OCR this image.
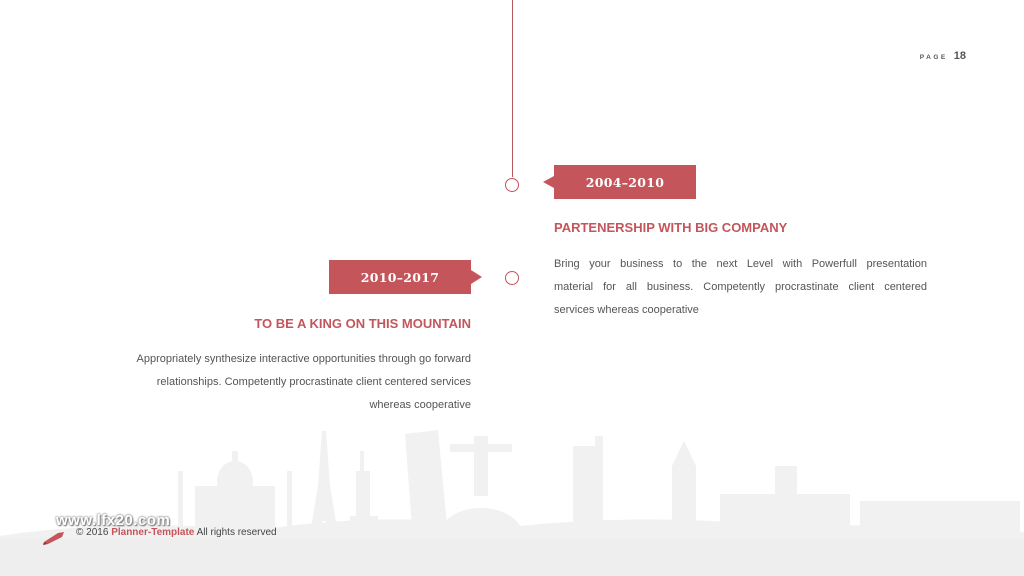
PAGE 18
2004–2010
PARTENERSHIP WITH BIG COMPANY
Bring your business to the next Level with Powerfull presentation
material for all business. Competently procrastinate client centered
services whereas cooperative
2010–2017
TO BE A KING ON THIS MOUNTAIN
Appropriately synthesize interactive opportunities through go forward
relationships. Competently procrastinate client centered services
whereas cooperative
www.lfx20.com
© 2016 Planner-Template All rights reserved
